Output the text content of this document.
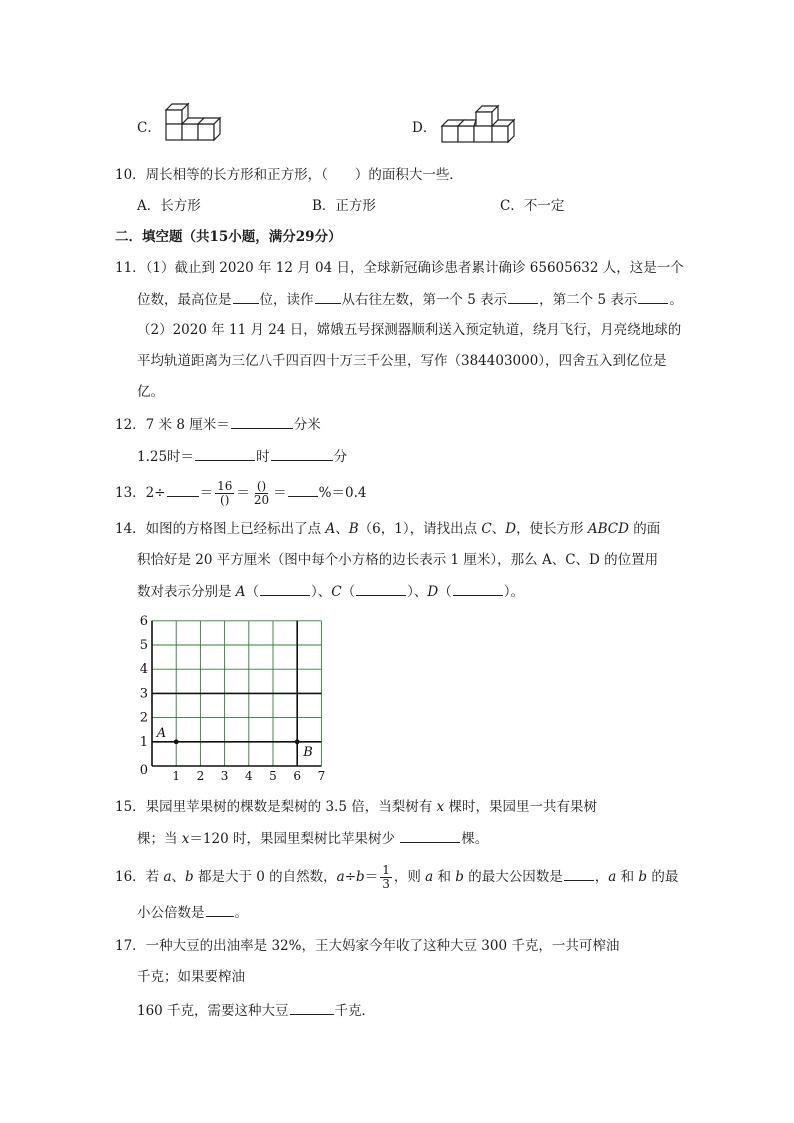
C．	D．
10．周长相等的长方形和正方形，（　　）的面积大一些．
A．长方形	B．正方形	C．不一定
二．填空题（共15小题，满分29分）
11．（1）截止到 2020 年 12 月 04 日，全球新冠确诊患者累计确诊 65605632 人，这是一个
位数，最高位是 位，读作 从右往左数，第一个 5 表示 ，第二个 5 表示 。
（2）2020 年 11 月 24 日，嫦娥五号探测器顺利送入预定轨道，绕月飞行，月亮绕地球的
平均轨道距离为三亿八千四百四十万三千公里，写作（384403000），四舍五入到亿位是
亿。
12．7 米 8 厘米＝	分米
1.25时＝	时	分
13．2÷	＝ $\frac{16}{()} = \frac{()}{20} = \%=0.4$
14．如图的方格图上已经标出了点 A、B（6，1），请找出点 C、D，使长方形 ABCD 的面
积恰好是 20 平方厘米（图中每个小方格的边长表示 1 厘米），那么 A、C、D 的位置用
数对表示分别是 A（	）、C（	）、D（	）。
1 2 3 4 5 6 7
0
1
2
3
4
5
6
A
B
15．果园里苹果树的棵数是梨树的 3.5 倍，当梨树有 x 棵时，果园里一共有果树
棵；当 x＝120 时，果园里梨树比苹果树少	棵。
16．若 a、b 都是大于 0 的自然数，$a\div b= \frac{1}{3}$ ，则 a 和 b 的最大公因数是 ，a 和 b 的最
小公倍数是 。
17．一种大豆的出油率是 32%，王大妈家今年收了这种大豆 300 千克，一共可榨油
千克；如果要榨油
160 千克，需要这种大豆	千克．
